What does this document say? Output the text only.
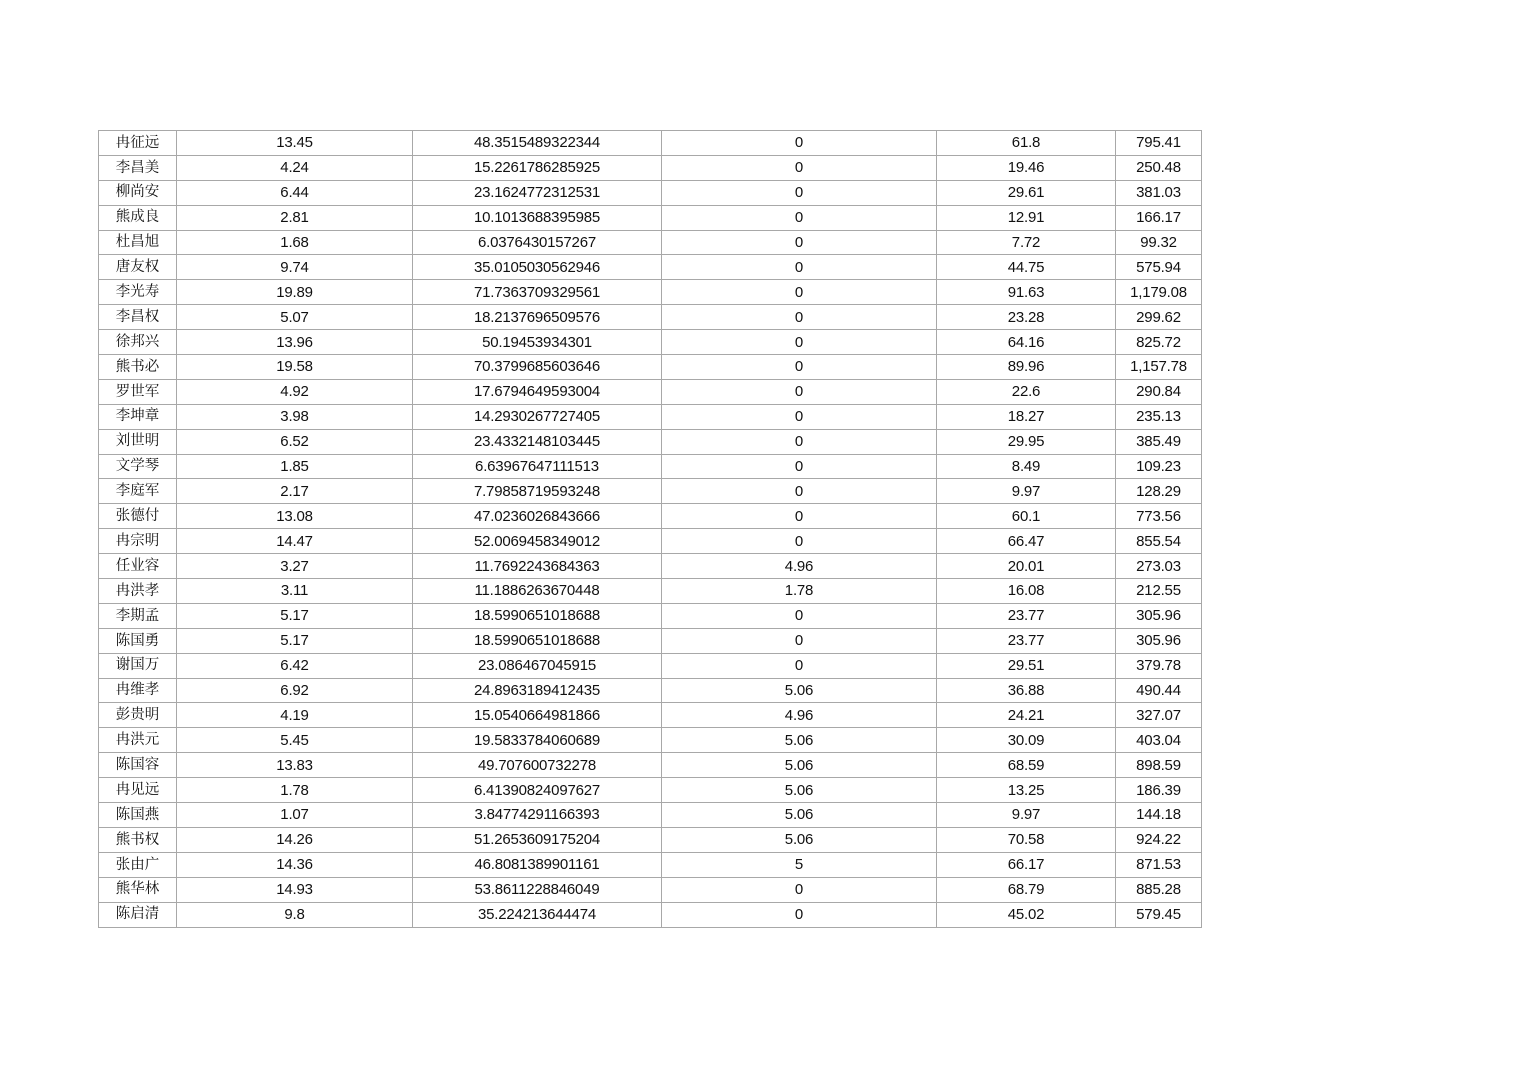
冉征远	13.45	48.3515489322344	0	61.8	795.41
李昌美	4.24	15.2261786285925	0	19.46	250.48
柳尚安	6.44	23.1624772312531	0	29.61	381.03
熊成良	2.81	10.1013688395985	0	12.91	166.17
杜昌旭	1.68	6.0376430157267	0	7.72	99.32
唐友权	9.74	35.0105030562946	0	44.75	575.94
李光寿	19.89	71.7363709329561	0	91.63	1,179.08
李昌权	5.07	18.2137696509576	0	23.28	299.62
徐邦兴	13.96	50.19453934301	0	64.16	825.72
熊书必	19.58	70.3799685603646	0	89.96	1,157.78
罗世军	4.92	17.6794649593004	0	22.6	290.84
李坤章	3.98	14.2930267727405	0	18.27	235.13
刘世明	6.52	23.4332148103445	0	29.95	385.49
文学琴	1.85	6.63967647111513	0	8.49	109.23
李庭军	2.17	7.79858719593248	0	9.97	128.29
张德付	13.08	47.0236026843666	0	60.1	773.56
冉宗明	14.47	52.0069458349012	0	66.47	855.54
任业容	3.27	11.7692243684363	4.96	20.01	273.03
冉洪孝	3.11	11.1886263670448	1.78	16.08	212.55
李期孟	5.17	18.5990651018688	0	23.77	305.96
陈国勇	5.17	18.5990651018688	0	23.77	305.96
谢国万	6.42	23.086467045915	0	29.51	379.78
冉维孝	6.92	24.8963189412435	5.06	36.88	490.44
彭贵明	4.19	15.0540664981866	4.96	24.21	327.07
冉洪元	5.45	19.5833784060689	5.06	30.09	403.04
陈国容	13.83	49.707600732278	5.06	68.59	898.59
冉见远	1.78	6.41390824097627	5.06	13.25	186.39
陈国燕	1.07	3.84774291166393	5.06	9.97	144.18
熊书权	14.26	51.2653609175204	5.06	70.58	924.22
张由广	14.36	46.8081389901161	5	66.17	871.53
熊华林	14.93	53.8611228846049	0	68.79	885.28
陈启清	9.8	35.224213644474	0	45.02	579.45
